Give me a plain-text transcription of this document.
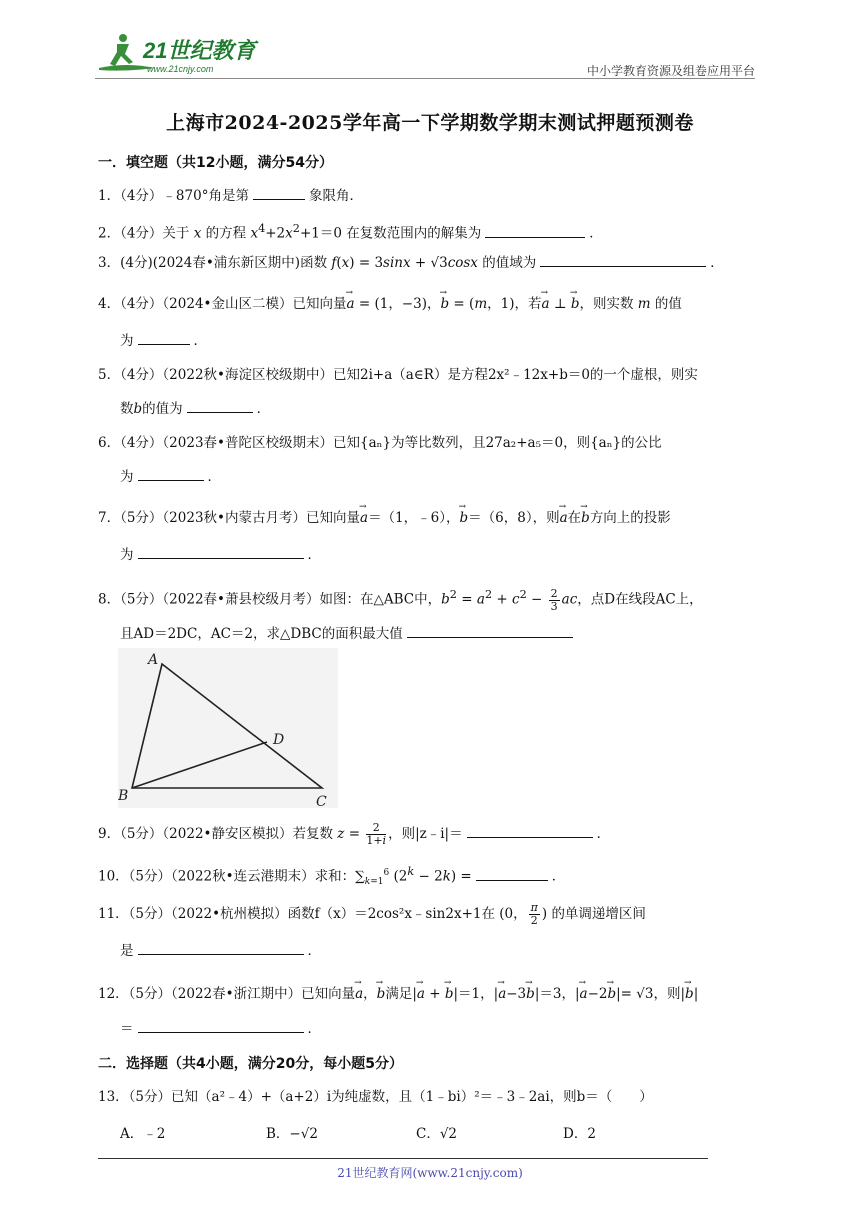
21世纪教育
www.21cnjy.com	中小学教育资源及组卷应用平台
上海市2024-2025学年高一下学期数学期末测试押题预测卷
一．填空题（共12小题，满分54分）
1．（4分）﹣870°角是第	象限角．
2．（4分）关于 x 的方程 $x^4+2x^2+1=0$ 在复数范围内的解集为	．
3．(4分)(2024春•浦东新区期中)函数 f(x) = 3sinx + √3cosx 的值域为	．
4．（4分）（2024•金山区二模）已知向量→ a = (1，−3)，→ b = (m，1)，若→ a ⊥ → b，则实数 m 的值
为	．
5．（4分）（2022秋•海淀区校级期中）已知2i+a（a∈R）是方程2x²﹣12x+b＝0的一个虚根，则实
数b的值为	．
6．（4分）（2023春•普陀区校级期末）已知{aₙ}为等比数列，且27a₂+a₅＝0，则{aₙ}的公比
为	．
7．（5分）（2023秋•内蒙古月考）已知向量→ a＝（1，﹣6），→ b＝（6，8），则→ a在→ b方向上的投影
为	．
8．（5分）（2022春•萧县校级月考）如图：在△ABC中，$b^2 = a^2 + c^2 - \frac{2}{3}$ ac，点D在线段AC上，
且AD＝2DC，AC＝2，求△DBC的面积最大值
A
B	C
D
9．（5分）（2022•静安区模拟）若复数 $z = \frac{2}{1+i}$ ，则|z﹣i|＝	．
10．（5分）（2022秋•连云港期末）求和：$\sum_{k=1}^6$ $(2^k - 2k)$ =	．
11．（5分）（2022•杭州模拟）函数f（x）＝2cos²x﹣sin2x+1在 (0， $\frac{\pi}{2}$ ) 的单调递增区间
是	．
12．（5分）（2022春•浙江期中）已知向量→ a，→ b满足|→ a + → b|＝1，|→ a−3→ b|＝3，|→ a−2→ b|= √3，则|→ b|
＝	．
二．选择题（共4小题，满分20分，每小题5分）
13．（5分）已知（a²﹣4）+（a+2）i为纯虚数，且（1﹣bi）²＝﹣3﹣2ai，则b＝（　　）
A．﹣2	B．−√2	C．√2	D．2
21世纪教育网(www.21cnjy.com)
